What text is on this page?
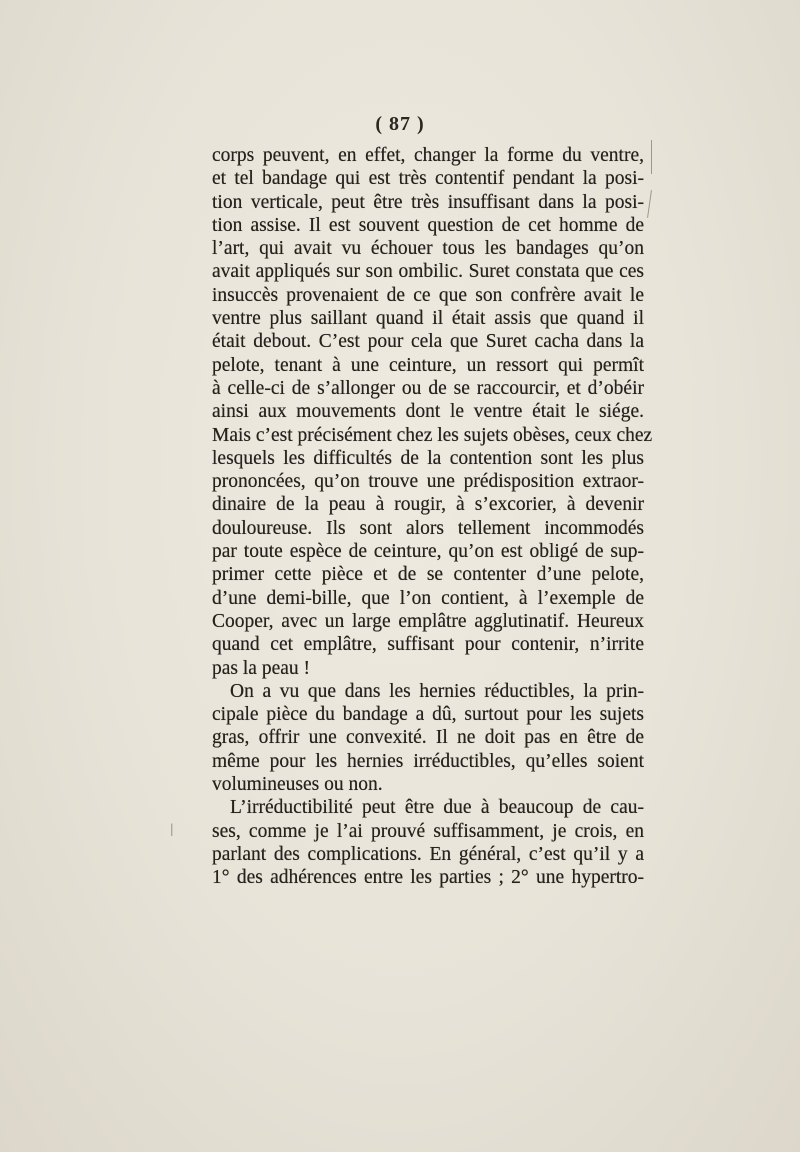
( 87 )
corps peuvent, en effet, changer la forme du ventre,
et tel bandage qui est très contentif pendant la posi-
tion verticale, peut être très insuffisant dans la posi-
tion assise. Il est souvent question de cet homme de
l’art, qui avait vu échouer tous les bandages qu’on
avait appliqués sur son ombilic. Suret constata que ces
insuccès provenaient de ce que son confrère avait le
ventre plus saillant quand il était assis que quand il
était debout. C’est pour cela que Suret cacha dans la
pelote, tenant à une ceinture, un ressort qui permît
à celle-ci de s’allonger ou de se raccourcir, et d’obéir
ainsi aux mouvements dont le ventre était le siége.
Mais c’est précisément chez les sujets obèses, ceux chez
lesquels les difficultés de la contention sont les plus
prononcées, qu’on trouve une prédisposition extraor-
dinaire de la peau à rougir, à s’excorier, à devenir
douloureuse. Ils sont alors tellement incommodés
par toute espèce de ceinture, qu’on est obligé de sup-
primer cette pièce et de se contenter d’une pelote,
d’une demi-bille, que l’on contient, à l’exemple de
Cooper, avec un large emplâtre agglutinatif. Heureux
quand cet emplâtre, suffisant pour contenir, n’irrite
pas la peau !
On a vu que dans les hernies réductibles, la prin-
cipale pièce du bandage a dû, surtout pour les sujets
gras, offrir une convexité. Il ne doit pas en être de
même pour les hernies irréductibles, qu’elles soient
volumineuses ou non.
L’irréductibilité peut être due à beaucoup de cau-
ses, comme je l’ai prouvé suffisamment, je crois, en
parlant des complications. En général, c’est qu’il y a
1° des adhérences entre les parties ; 2° une hypertro-
ǀ
